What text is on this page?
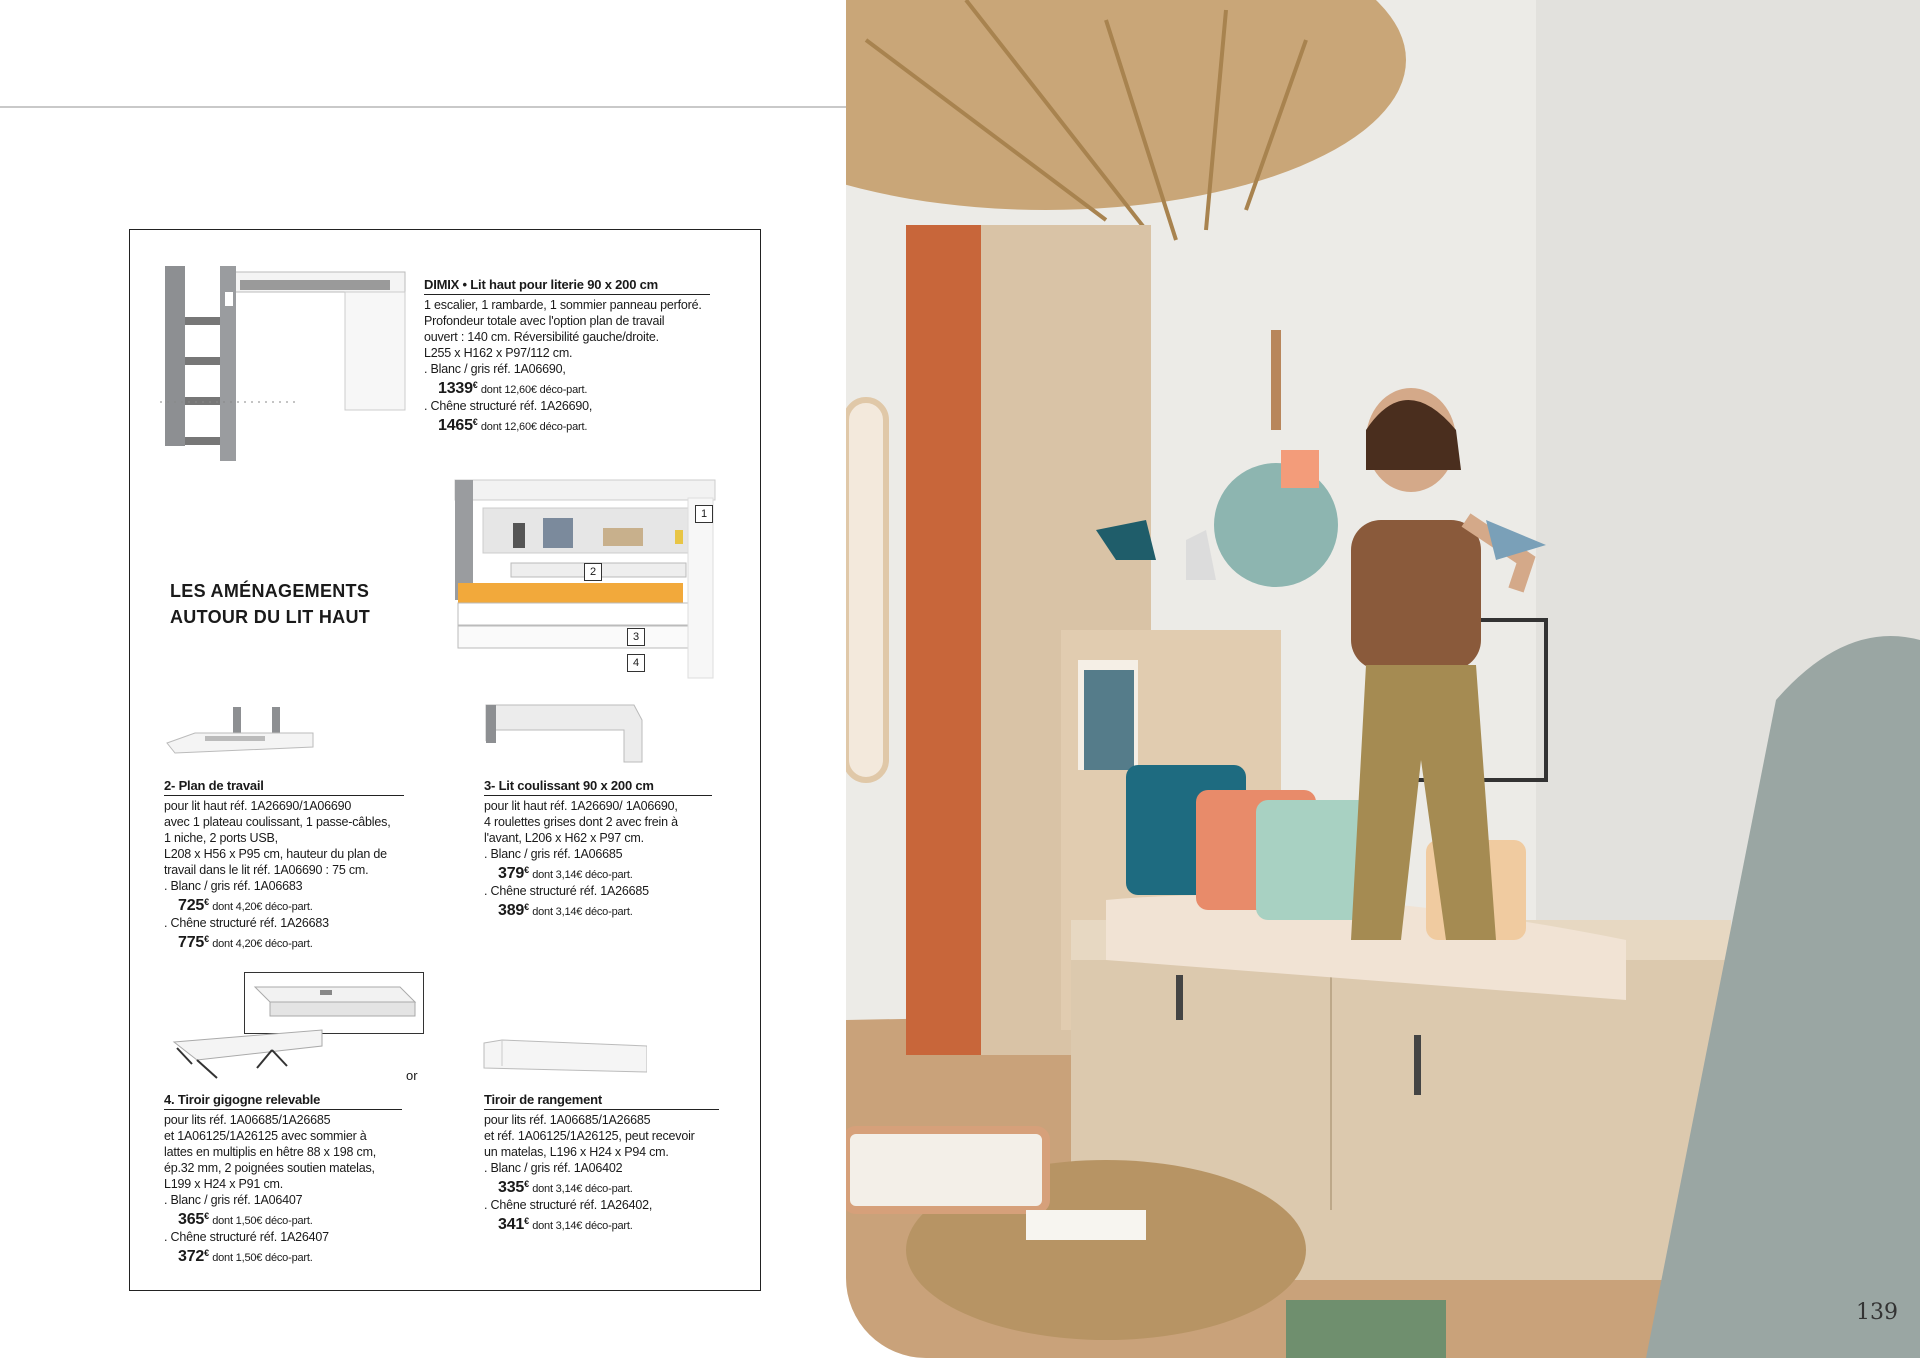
1
2
3
4
LES AMÉNAGEMENTS
AUTOUR DU LIT HAUT
or
DIMIX • Lit haut pour literie 90 x 200 cm
1 escalier, 1 rambarde, 1 sommier panneau perforé.
Profondeur totale avec l'option plan de travail
ouvert : 140 cm. Réversibilité gauche/droite.
L255 x H162 x P97/112 cm.
. Blanc / gris réf. 1A06690,
1339€ dont 12,60€ déco-part.
. Chêne structuré réf. 1A26690,
1465€ dont 12,60€ déco-part.
2- Plan de travail
pour lit haut réf. 1A26690/1A06690
avec 1 plateau coulissant, 1 passe-câbles,
1 niche, 2 ports USB,
L208 x H56 x P95 cm, hauteur du plan de
travail dans le lit réf. 1A06690 : 75 cm.
. Blanc / gris réf. 1A06683
725€ dont 4,20€ déco-part.
. Chêne structuré réf. 1A26683
775€ dont 4,20€ déco-part.
3- Lit coulissant 90 x 200 cm
pour lit haut réf. 1A26690/ 1A06690,
4 roulettes grises dont 2 avec frein à
l'avant, L206 x H62 x P97 cm.
. Blanc / gris réf. 1A06685
379€ dont 3,14€ déco-part.
. Chêne structuré réf. 1A26685
389€ dont 3,14€ déco-part.
4. Tiroir gigogne relevable
pour lits réf. 1A06685/1A26685
et 1A06125/1A26125 avec sommier à
lattes en multiplis en hêtre 88 x 198 cm,
ép.32 mm, 2 poignées soutien matelas,
L199 x H24 x P91 cm.
. Blanc / gris réf. 1A06407
365€ dont 1,50€ déco-part.
. Chêne structuré réf. 1A26407
372€ dont 1,50€ déco-part.
Tiroir de rangement
pour lits réf. 1A06685/1A26685
et réf. 1A06125/1A26125, peut recevoir
un matelas, L196 x H24 x P94 cm.
. Blanc / gris réf. 1A06402
335€ dont 3,14€ déco-part.
. Chêne structuré réf. 1A26402,
341€ dont 3,14€ déco-part.
139
